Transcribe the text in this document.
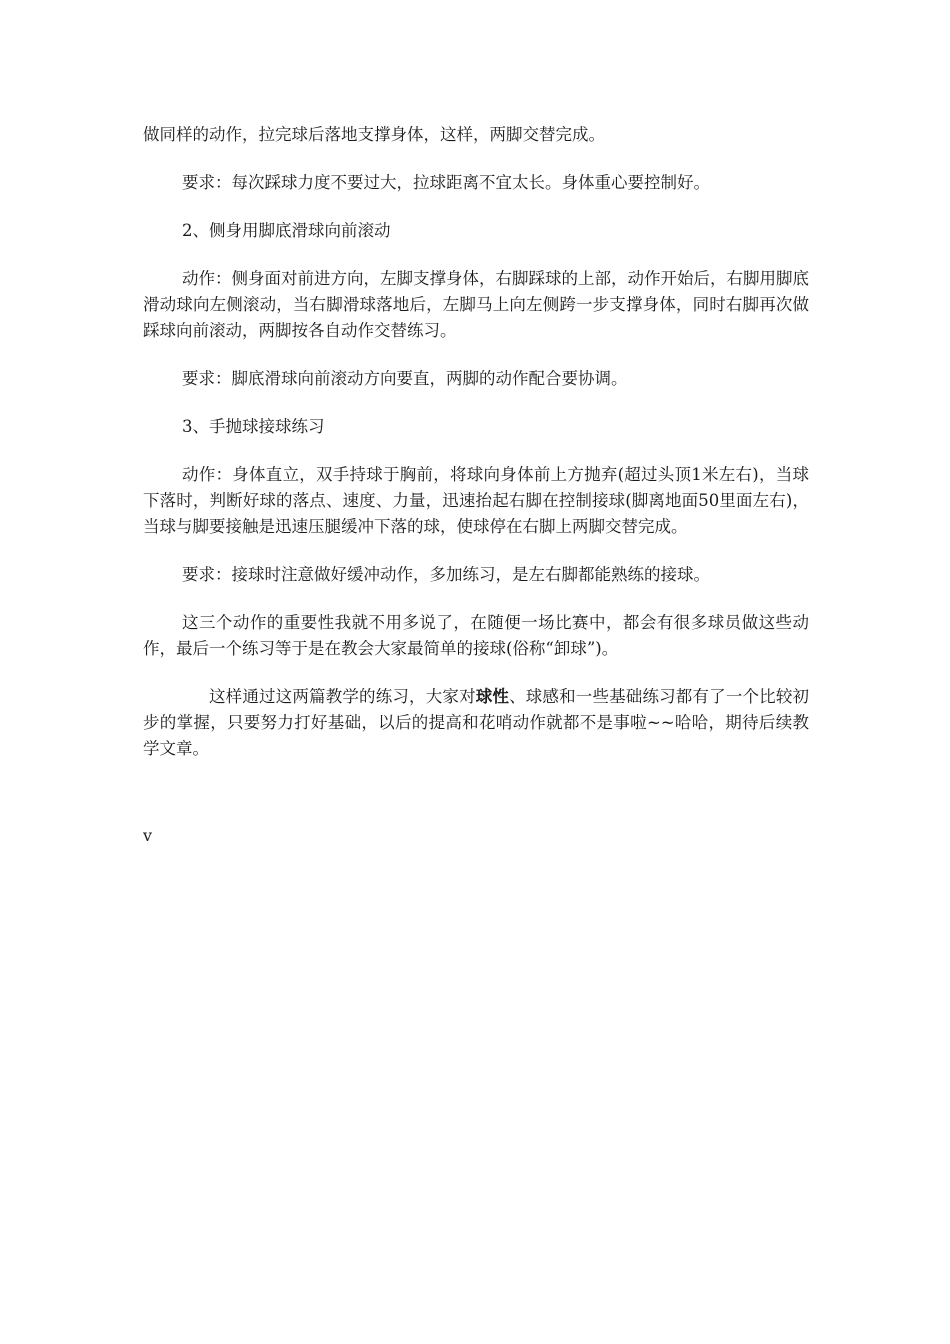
做同样的动作，拉完球后落地支撑身体，这样，两脚交替完成。

要求：每次踩球力度不要过大，拉球距离不宜太长。身体重心要控制好。

2、侧身用脚底滑球向前滚动

动作：侧身面对前进方向，左脚支撑身体，右脚踩球的上部，动作开始后，右脚用脚底滑动球向左侧滚动，当右脚滑球落地后，左脚马上向左侧跨一步支撑身体，同时右脚再次做踩球向前滚动，两脚按各自动作交替练习。

要求：脚底滑球向前滚动方向要直，两脚的动作配合要协调。

3、手抛球接球练习

动作：身体直立，双手持球于胸前，将球向身体前上方抛弃(超过头顶1米左右)，当球下落时，判断好球的落点、速度、力量，迅速抬起右脚在控制接球(脚离地面50里面左右)，当球与脚要接触是迅速压腿缓冲下落的球，使球停在右脚上两脚交替完成。

要求：接球时注意做好缓冲动作，多加练习，是左右脚都能熟练的接球。

这三个动作的重要性我就不用多说了，在随便一场比赛中，都会有很多球员做这些动作，最后一个练习等于是在教会大家最简单的接球(俗称“卸球”)。

这样通过这两篇教学的练习，大家对球性、球感和一些基础练习都有了一个比较初步的掌握，只要努力打好基础，以后的提高和花哨动作就都不是事啦~~哈哈，期待后续教学文章。

v
